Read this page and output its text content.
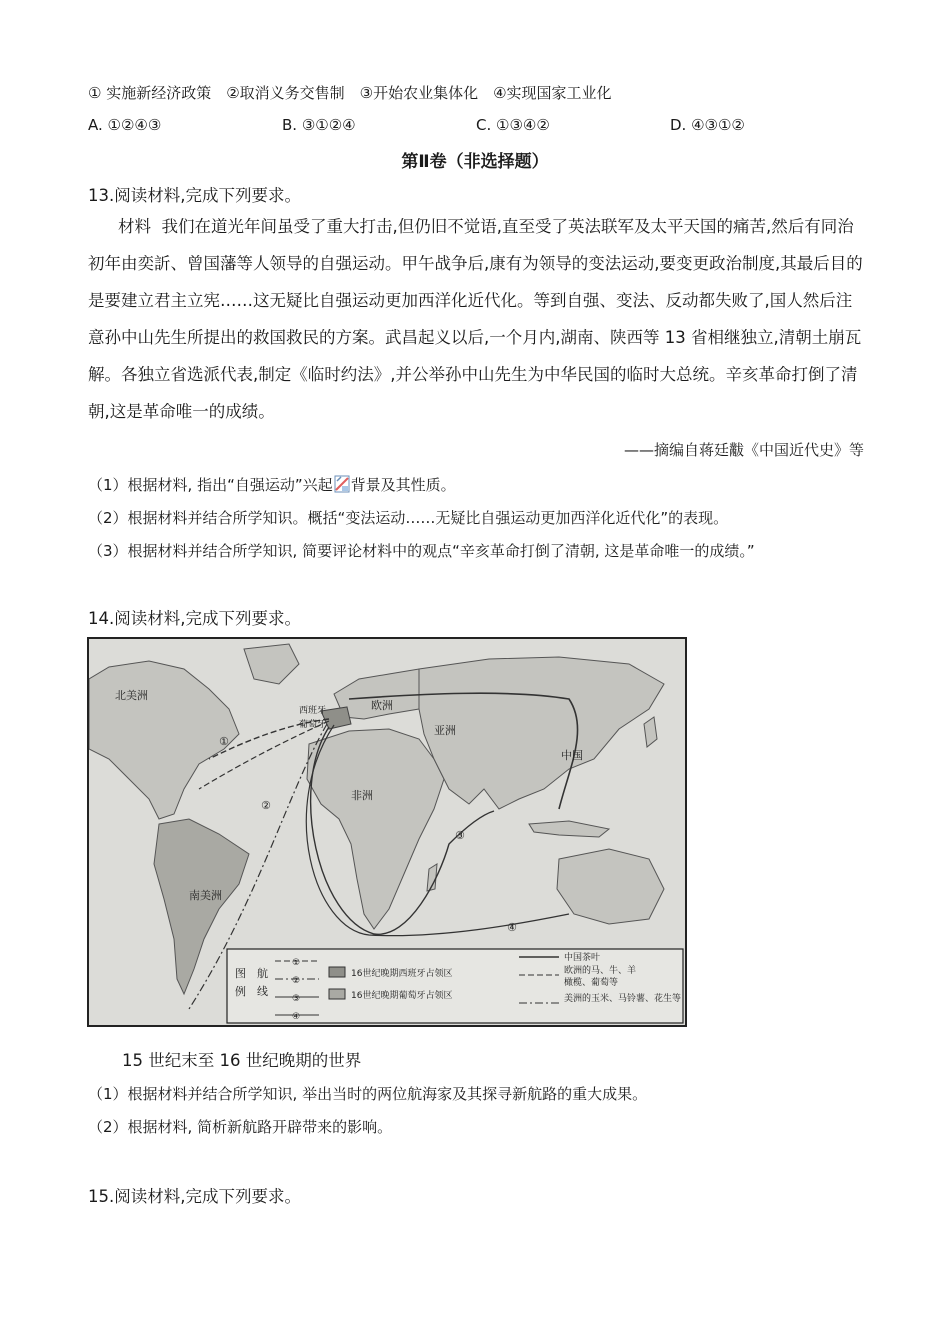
① 实施新经济政策　②取消义务交售制　③开始农业集体化　④实现国家工业化
A. ①②④③	B. ③①②④	C. ①③④②	D. ④③①②
第Ⅱ卷（非选择题）
13.阅读材料,完成下列要求。
材料 我们在道光年间虽受了重大打击,但仍旧不觉语,直至受了英法联军及太平天国的痛苦,然后有同治初年由奕訢、曾国藩等人领导的自强运动。甲午战争后,康有为领导的变法运动,要变更政治制度,其最后目的是要建立君主立宪……这无疑比自强运动更加西洋化近代化。等到自强、变法、反动都失败了,国人然后注意孙中山先生所提出的救国救民的方案。武昌起义以后,一个月内,湖南、陕西等 13 省相继独立,清朝土崩瓦解。各独立省选派代表,制定《临时约法》,并公举孙中山先生为中华民国的临时大总统。辛亥革命打倒了清朝,这是革命唯一的成绩。
——摘编自蒋廷黻《中国近代史》等
（1）根据材料, 指出“自强运动”兴起 背景及其性质。
（2）根据材料并结合所学知识。概括“变法运动……无疑比自强运动更加西洋化近代化”的表现。
（3）根据材料并结合所学知识, 简要评论材料中的观点“辛亥革命打倒了清朝, 这是革命唯一的成绩。”
14.阅读材料,完成下列要求。
北美洲
南美洲
欧洲
西班牙
葡萄牙
非洲
亚洲
中国
①
②
③
④
图
例
航
线
①
②
③
④
16世纪晚期西班牙占领区
16世纪晚期葡萄牙占领区
中国茶叶
欧洲的马、牛、羊
橄榄、葡萄等
美洲的玉米、马铃薯、花生等
15 世纪末至 16 世纪晚期的世界
（1）根据材料并结合所学知识, 举出当时的两位航海家及其探寻新航路的重大成果。
（2）根据材料, 简析新航路开辟带来的影响。
15.阅读材料,完成下列要求。
